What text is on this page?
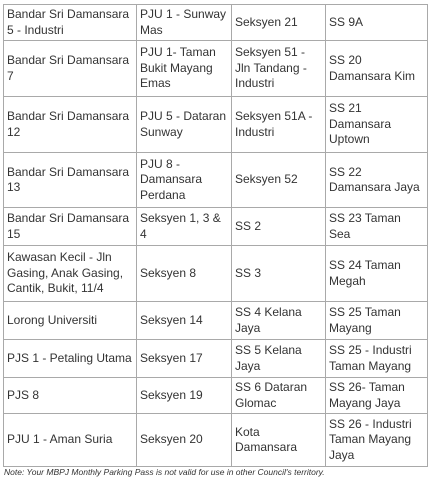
Bandar Sri Damansara 5 - Industri	PJU 1 - Sunway Mas	Seksyen 21	SS 9A
Bandar Sri Damansara 7	PJU 1- Taman Bukit Mayang Emas	Seksyen 51 - Jln Tandang - Industri	SS 20 Damansara Kim
Bandar Sri Damansara 12	PJU 5 - Dataran Sunway	Seksyen 51A - Industri	SS 21 Damansara Uptown
Bandar Sri Damansara 13	PJU 8 - Damansara Perdana	Seksyen 52	SS 22 Damansara Jaya
Bandar Sri Damansara 15	Seksyen 1, 3 & 4	SS 2	SS 23 Taman Sea
Kawasan Kecil - Jln Gasing, Anak Gasing, Cantik, Bukit, 11/4	Seksyen 8	SS 3	SS 24 Taman Megah
Lorong Universiti	Seksyen 14	SS 4 Kelana Jaya	SS 25 Taman Mayang
PJS 1 - Petaling Utama	Seksyen 17	SS 5 Kelana Jaya	SS 25 - Industri Taman Mayang
PJS 8	Seksyen 19	SS 6 Dataran Glomac	SS 26- Taman Mayang Jaya
PJU 1 - Aman Suria	Seksyen 20	Kota Damansara	SS 26 - Industri Taman Mayang Jaya
Note: Your MBPJ Monthly Parking Pass is not valid for use in other Council's territory.
